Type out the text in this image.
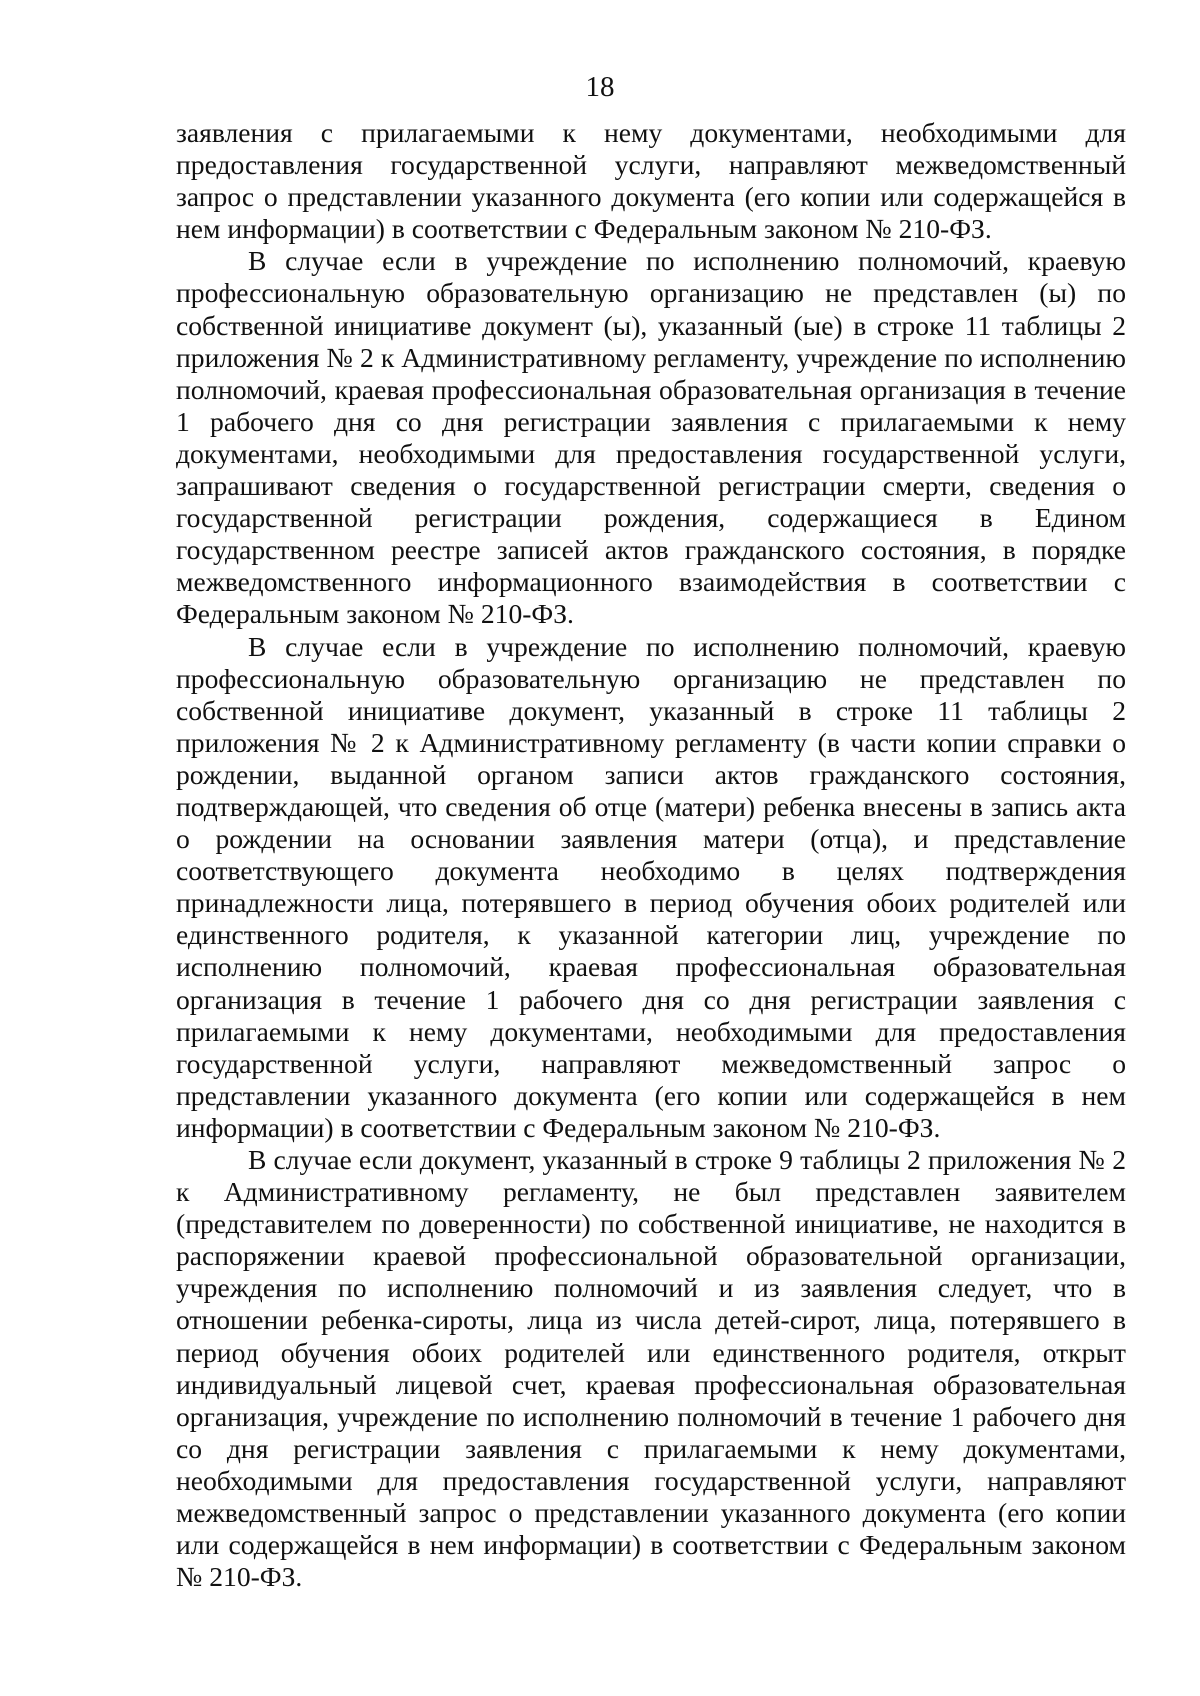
18

заявления с прилагаемыми к нему документами, необходимыми для предоставления государственной услуги, направляют межведомственный запрос о представлении указанного документа (его копии или содержащейся в нем информации) в соответствии с Федеральным законом № 210-ФЗ.

В случае если в учреждение по исполнению полномочий, краевую профессиональную образовательную организацию не представлен (ы) по собственной инициативе документ (ы), указанный (ые) в строке 11 таблицы 2 приложения № 2 к Административному регламенту, учреждение по исполнению полномочий, краевая профессиональная образовательная организация в течение 1 рабочего дня со дня регистрации заявления с прилагаемыми к нему документами, необходимыми для предоставления государственной услуги, запрашивают сведения о государственной регистрации смерти, сведения о государственной регистрации рождения, содержащиеся в Едином государственном реестре записей актов гражданского состояния, в порядке межведомственного информационного взаимодействия в соответствии с Федеральным законом № 210-ФЗ.

В случае если в учреждение по исполнению полномочий, краевую профессиональную образовательную организацию не представлен по собственной инициативе документ, указанный в строке 11 таблицы 2 приложения № 2 к Административному регламенту (в части копии справки о рождении, выданной органом записи актов гражданского состояния, подтверждающей, что сведения об отце (матери) ребенка внесены в запись акта о рождении на основании заявления матери (отца), и представление соответствующего документа необходимо в целях подтверждения принадлежности лица, потерявшего в период обучения обоих родителей или единственного родителя, к указанной категории лиц, учреждение по исполнению полномочий, краевая профессиональная образовательная организация в течение 1 рабочего дня со дня регистрации заявления с прилагаемыми к нему документами, необходимыми для предоставления государственной услуги, направляют межведомственный запрос о представлении указанного документа (его копии или содержащейся в нем информации) в соответствии с Федеральным законом № 210-ФЗ.

В случае если документ, указанный в строке 9 таблицы 2 приложения № 2 к Административному регламенту, не был представлен заявителем (представителем по доверенности) по собственной инициативе, не находится в распоряжении краевой профессиональной образовательной организации, учреждения по исполнению полномочий и из заявления следует, что в отношении ребенка-сироты, лица из числа детей-сирот, лица, потерявшего в период обучения обоих родителей или единственного родителя, открыт индивидуальный лицевой счет, краевая профессиональная образовательная организация, учреждение по исполнению полномочий в течение 1 рабочего дня со дня регистрации заявления с прилагаемыми к нему документами, необходимыми для предоставления государственной услуги, направляют межведомственный запрос о представлении указанного документа (его копии или содержащейся в нем информации) в соответствии с Федеральным законом № 210-ФЗ.
